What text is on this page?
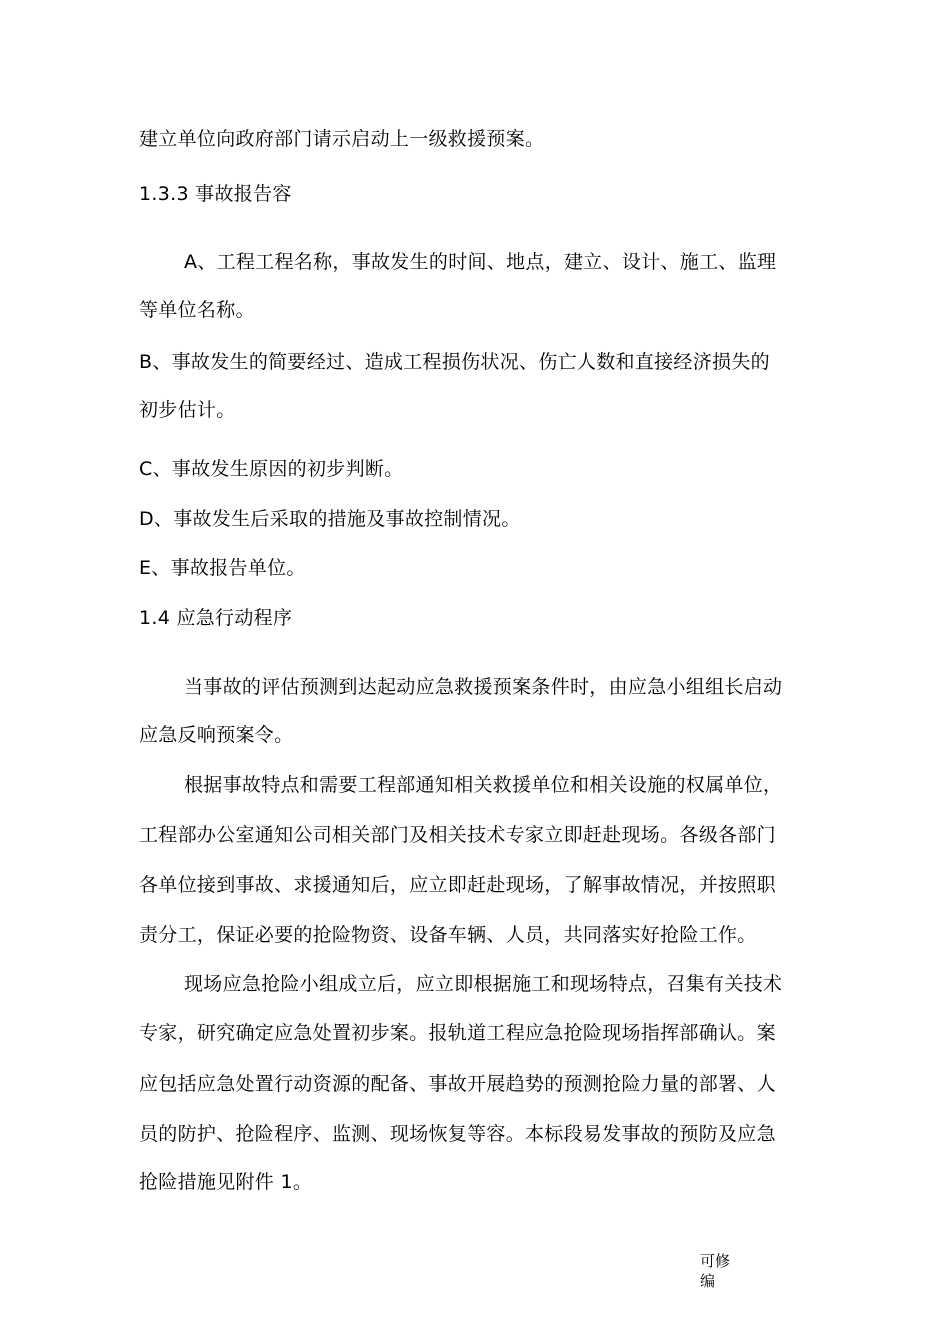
建立单位向政府部门请示启动上一级救援预案。
1.3.3 事故报告容
A、工程工程名称，事故发生的时间、地点，建立、设计、施工、监理
等单位名称。
B、事故发生的简要经过、造成工程损伤状况、伤亡人数和直接经济损失的
初步估计。
C、事故发生原因的初步判断。
D、事故发生后采取的措施及事故控制情况。
E、事故报告单位。
1.4 应急行动程序
当事故的评估预测到达起动应急救援预案条件时，由应急小组组长启动
应急反响预案令。
根据事故特点和需要工程部通知相关救援单位和相关设施的权属单位，
工程部办公室通知公司相关部门及相关技术专家立即赶赴现场。各级各部门
各单位接到事故、求援通知后，应立即赶赴现场，了解事故情况，并按照职
责分工，保证必要的抢险物资、设备车辆、人员，共同落实好抢险工作。
现场应急抢险小组成立后，应立即根据施工和现场特点，召集有关技术
专家，研究确定应急处置初步案。报轨道工程应急抢险现场指挥部确认。案
应包括应急处置行动资源的配备、事故开展趋势的预测抢险力量的部署、人
员的防护、抢险程序、监测、现场恢复等容。本标段易发事故的预防及应急
抢险措施见附件 1。
可修
编
